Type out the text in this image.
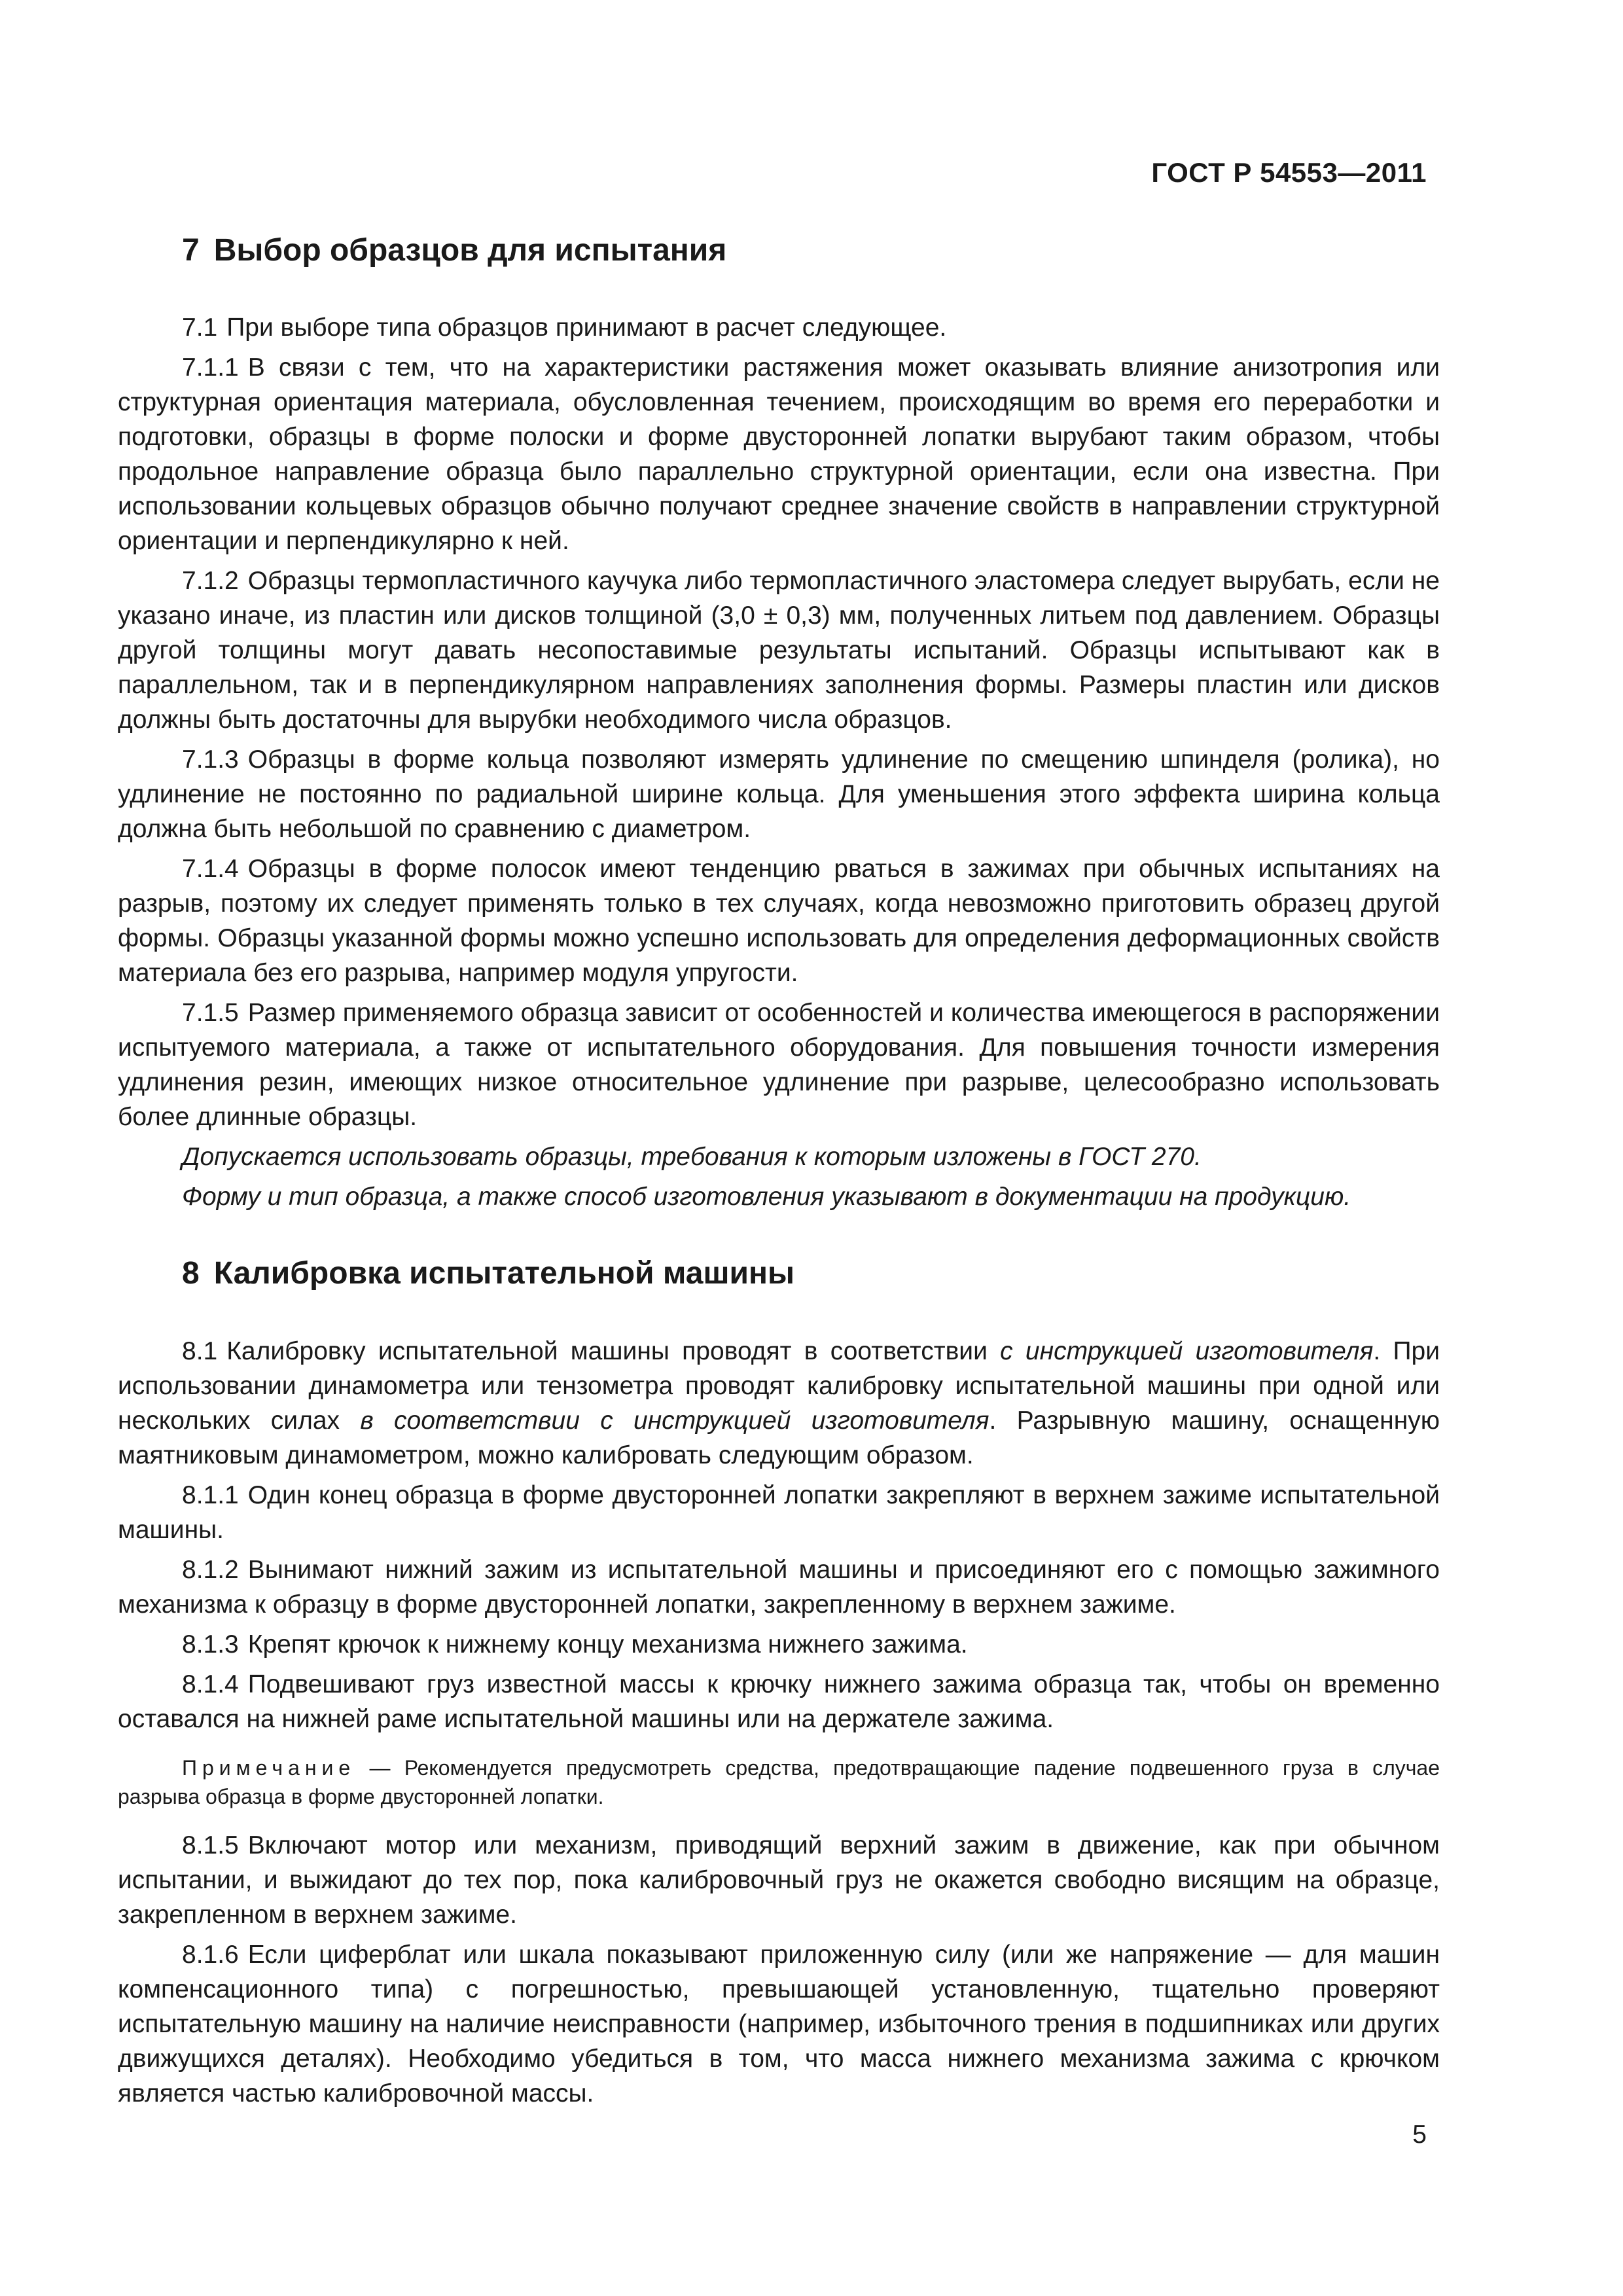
ГОСТ Р 54553—2011
7 Выбор образцов для испытания

7.1 При выборе типа образцов принимают в расчет следующее.

7.1.1 В связи с тем, что на характеристики растяжения может оказывать влияние анизотропия или структурная ориентация материала, обусловленная течением, происходящим во время его переработки и подготовки, образцы в форме полоски и форме двусторонней лопатки вырубают таким образом, чтобы продольное направление образца было параллельно структурной ориентации, если она известна. При использовании кольцевых образцов обычно получают среднее значение свойств в направлении структурной ориентации и перпендикулярно к ней.

7.1.2 Образцы термопластичного каучука либо термопластичного эластомера следует вырубать, если не указано иначе, из пластин или дисков толщиной (3,0 ± 0,3) мм, полученных литьем под давлением. Образцы другой толщины могут давать несопоставимые результаты испытаний. Образцы испытывают как в параллельном, так и в перпендикулярном направлениях заполнения формы. Размеры пластин или дисков должны быть достаточны для вырубки необходимого числа образцов.

7.1.3 Образцы в форме кольца позволяют измерять удлинение по смещению шпинделя (ролика), но удлинение не постоянно по радиальной ширине кольца. Для уменьшения этого эффекта ширина кольца должна быть небольшой по сравнению с диаметром.

7.1.4 Образцы в форме полосок имеют тенденцию рваться в зажимах при обычных испытаниях на разрыв, поэтому их следует применять только в тех случаях, когда невозможно приготовить образец другой формы. Образцы указанной формы можно успешно использовать для определения деформационных свойств материала без его разрыва, например модуля упругости.

7.1.5 Размер применяемого образца зависит от особенностей и количества имеющегося в распоряжении испытуемого материала, а также от испытательного оборудования. Для повышения точности измерения удлинения резин, имеющих низкое относительное удлинение при разрыве, целесообразно использовать более длинные образцы.

Допускается использовать образцы, требования к которым изложены в ГОСТ 270.

Форму и тип образца, а также способ изготовления указывают в документации на продукцию.

8 Калибровка испытательной машины

8.1 Калибровку испытательной машины проводят в соответствии с инструкцией изготовителя. При использовании динамометра или тензометра проводят калибровку испытательной машины при одной или нескольких силах в соответствии с инструкцией изготовителя. Разрывную машину, оснащенную маятниковым динамометром, можно калибровать следующим образом.

8.1.1 Один конец образца в форме двусторонней лопатки закрепляют в верхнем зажиме испытательной машины.

8.1.2 Вынимают нижний зажим из испытательной машины и присоединяют его с помощью зажимного механизма к образцу в форме двусторонней лопатки, закрепленному в верхнем зажиме.

8.1.3 Крепят крючок к нижнему концу механизма нижнего зажима.

8.1.4 Подвешивают груз известной массы к крючку нижнего зажима образца так, чтобы он временно оставался на нижней раме испытательной машины или на держателе зажима.

Примечание — Рекомендуется предусмотреть средства, предотвращающие падение подвешенного груза в случае разрыва образца в форме двусторонней лопатки.

8.1.5 Включают мотор или механизм, приводящий верхний зажим в движение, как при обычном испытании, и выжидают до тех пор, пока калибровочный груз не окажется свободно висящим на образце, закрепленном в верхнем зажиме.

8.1.6 Если циферблат или шкала показывают приложенную силу (или же напряжение — для машин компенсационного типа) с погрешностью, превышающей установленную, тщательно проверяют испытательную машину на наличие неисправности (например, избыточного трения в подшипниках или других движущихся деталях). Необходимо убедиться в том, что масса нижнего механизма зажима с крючком является частью калибровочной массы.

5
